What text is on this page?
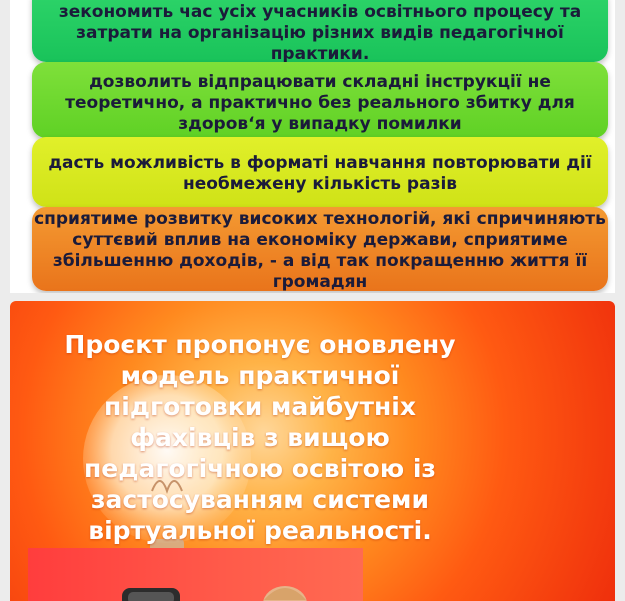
зекономить час усіх учасників освітнього процесу та затрати на організацію різних видів педагогічної практики.

дозволить відпрацювати складні інструкції не теоретично, а практично без реального збитку для здоров‘я у випадку помилки

дасть можливість в форматі навчання повторювати дії необмежену кількість разів

сприятиме розвитку високих технологій, які спричиняють суттєвий вплив на економіку держави, сприятиме збільшенню доходів, - а від так покращенню життя її громадян

Проєкт пропонує оновлену модель практичної підготовки майбутніх фахівців з вищою педагогічною освітою із застосуванням системи віртуальної реальності.
